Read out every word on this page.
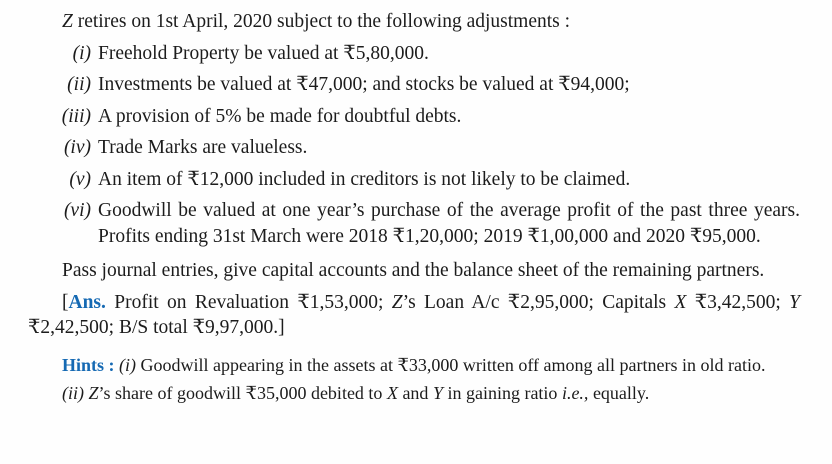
Z retires on 1st April, 2020 subject to the following adjustments :
(i) Freehold Property be valued at ₹5,80,000.
(ii) Investments be valued at ₹47,000; and stocks be valued at ₹94,000;
(iii) A provision of 5% be made for doubtful debts.
(iv) Trade Marks are valueless.
(v) An item of ₹12,000 included in creditors is not likely to be claimed.
(vi) Goodwill be valued at one year’s purchase of the average profit of the past three years. Profits ending 31st March were 2018 ₹1,20,000; 2019 ₹1,00,000 and 2020 ₹95,000.
Pass journal entries, give capital accounts and the balance sheet of the remaining partners.
[Ans. Profit on Revaluation ₹1,53,000; Z’s Loan A/c ₹2,95,000; Capitals X ₹3,42,500; Y ₹2,42,500; B/S total ₹9,97,000.]
Hints : (i) Goodwill appearing in the assets at ₹33,000 written off among all partners in old ratio.
(ii) Z’s share of goodwill ₹35,000 debited to X and Y in gaining ratio i.e., equally.
